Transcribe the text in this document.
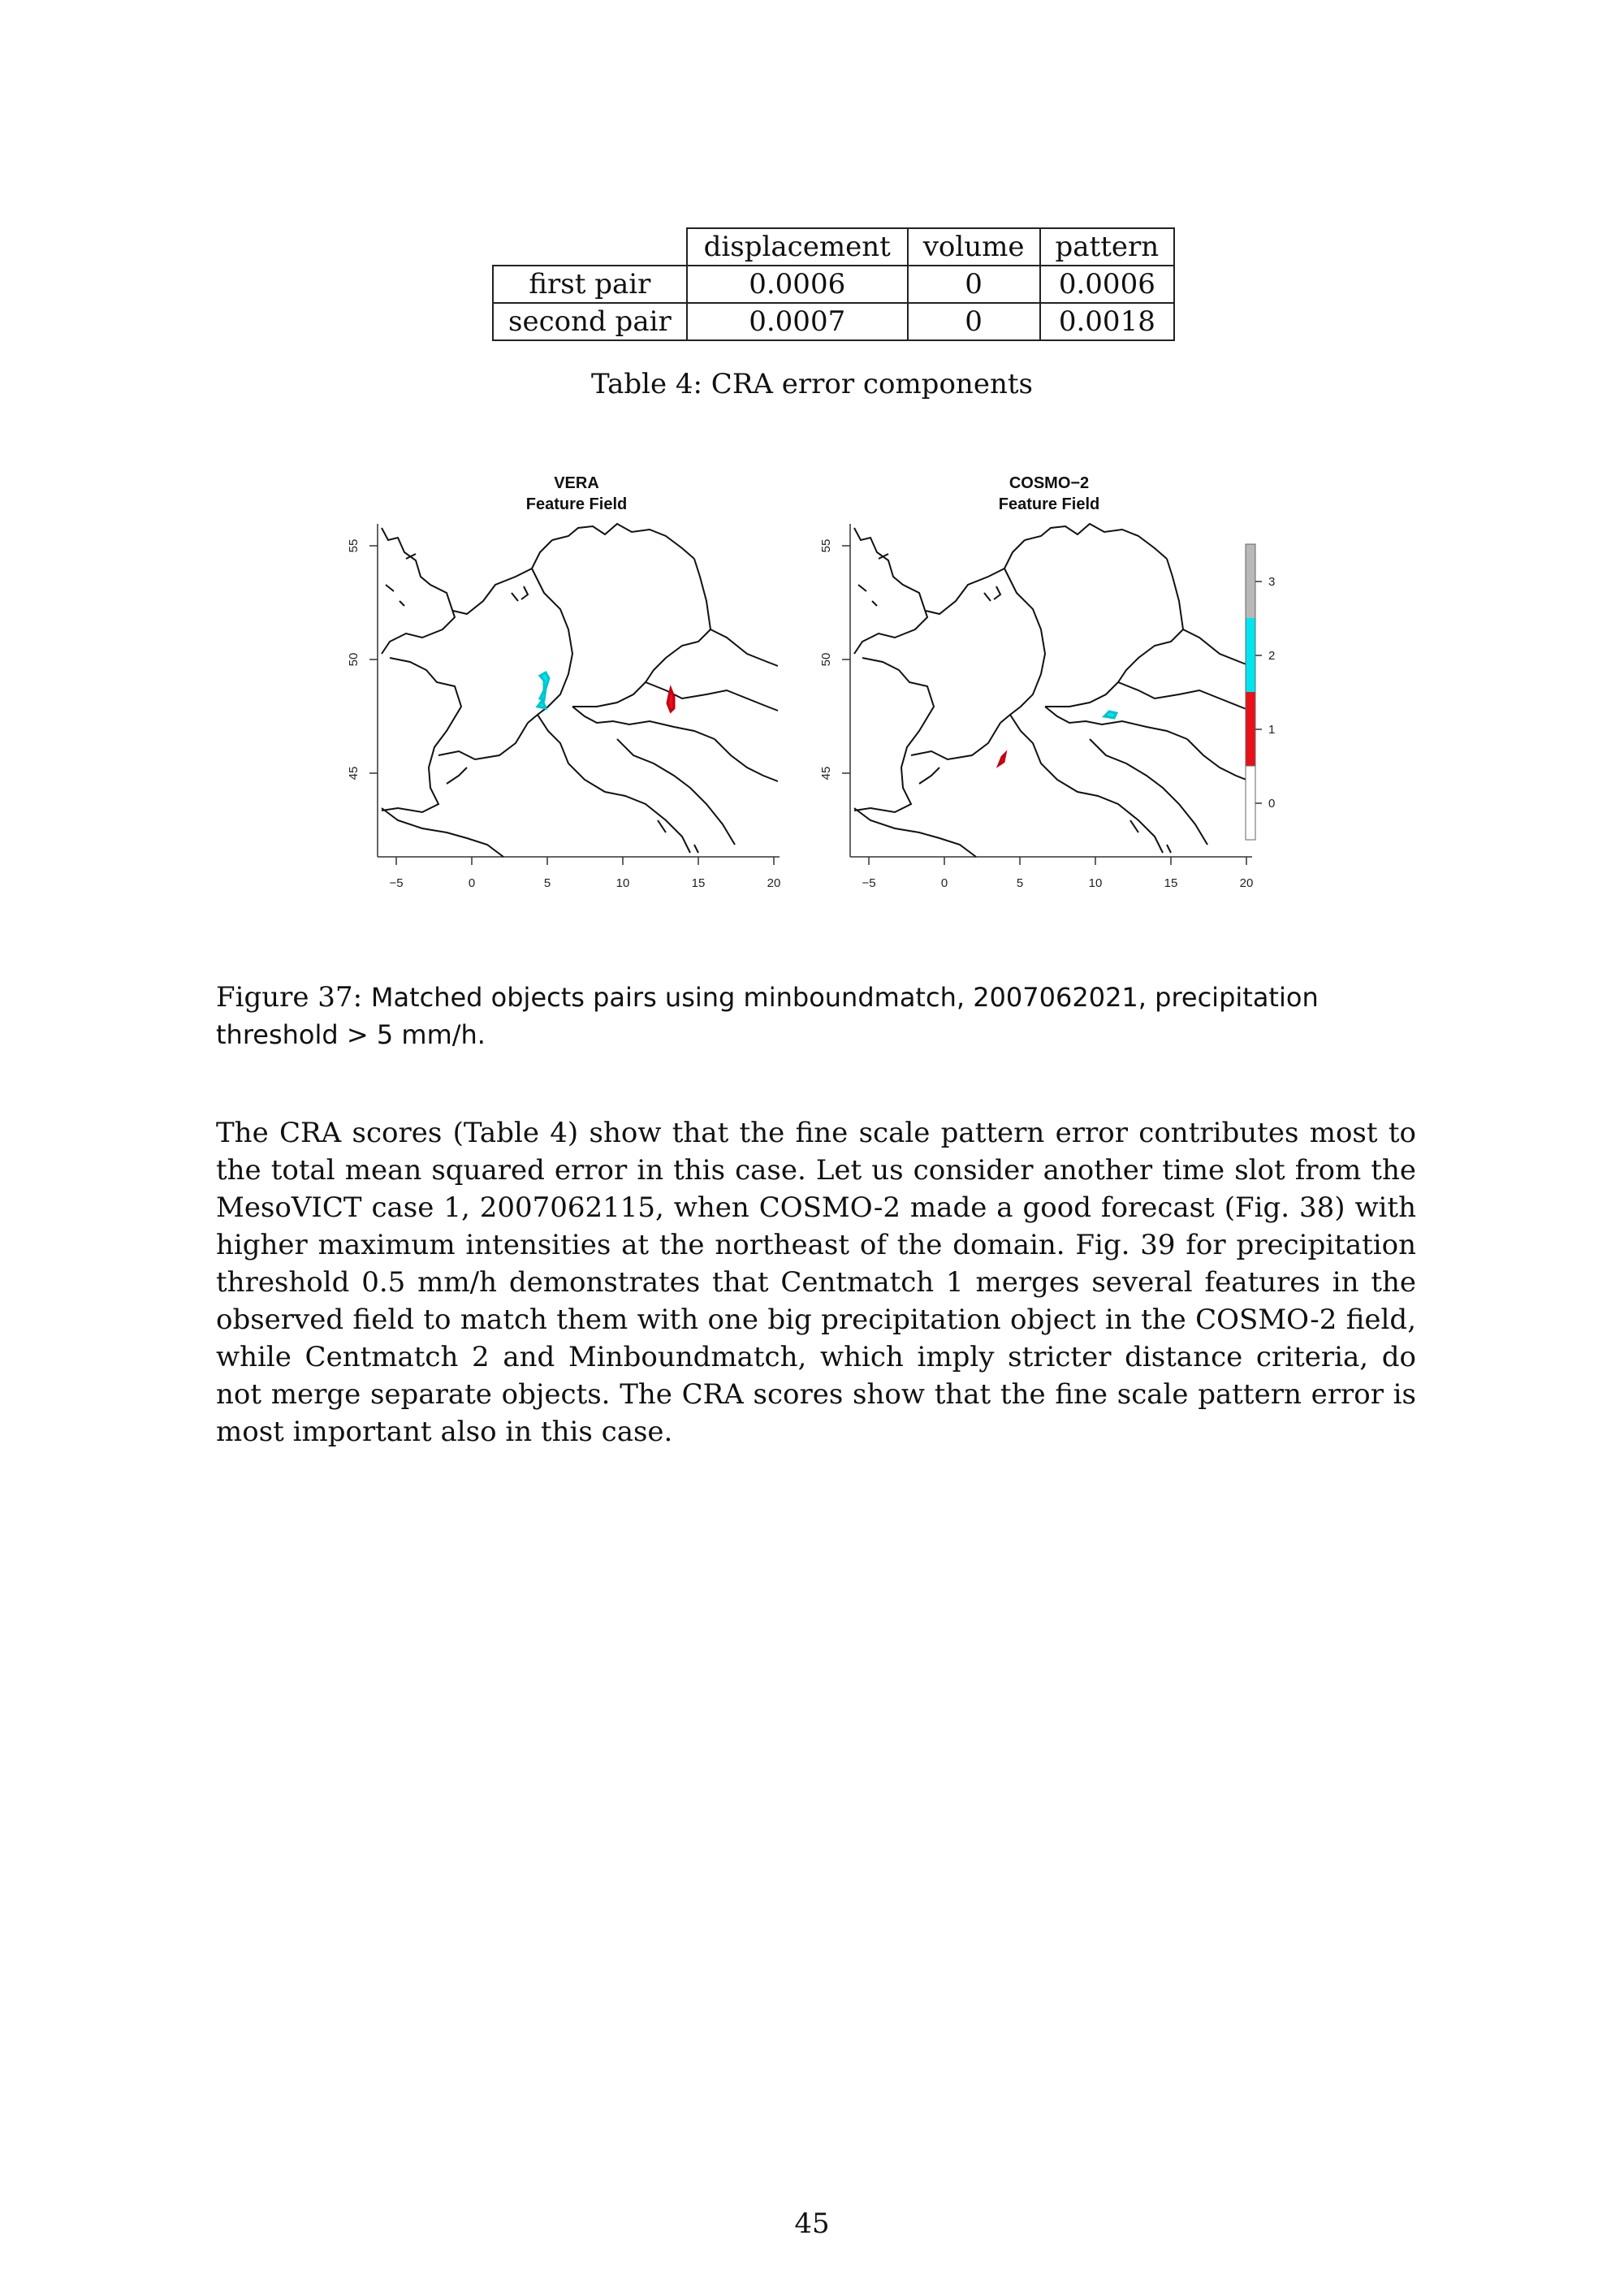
	displacement	volume	pattern
first pair	0.0006	0	0.0006
second pair	0.0007	0	0.0018
Table 4: CRA error components
VERA
Feature Field
COSMO−2
Feature Field
55
50
45
−5	0	5	10	15	20
55
50
45
−5	0	5	10	15	20
3
2
1
0
Figure 37: Matched objects pairs using minboundmatch, 2007062021, precipitation threshold > 5 mm/h.
The CRA scores (Table 4) show that the fine scale pattern error contributes most to the total mean squared error in this case. Let us consider another time slot from the MesoVICT case 1, 2007062115, when COSMO-2 made a good forecast (Fig. 38) with higher maximum intensities at the northeast of the domain. Fig. 39 for precipitation threshold 0.5 mm/h demonstrates that Centmatch 1 merges several features in the observed field to match them with one big precipitation object in the COSMO-2 field, while Centmatch 2 and Minboundmatch, which imply stricter distance criteria, do not merge separate objects. The CRA scores show that the fine scale pattern error is most important also in this case.
45
